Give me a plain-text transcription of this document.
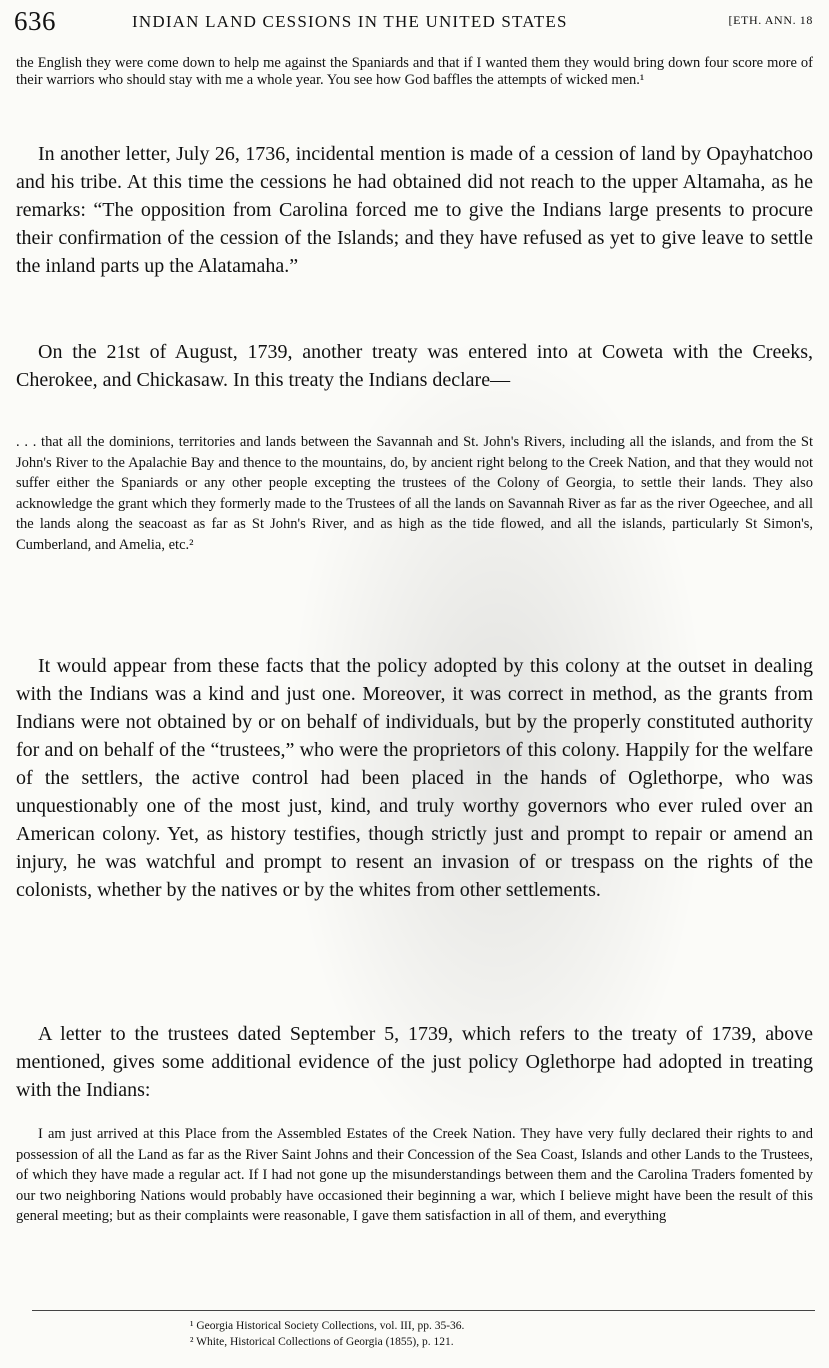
636	INDIAN LAND CESSIONS IN THE UNITED STATES	[ETH. ANN. 18
the English they were come down to help me against the Spaniards and that if I wanted them they would bring down four score more of their warriors who should stay with me a whole year. You see how God baffles the attempts of wicked men.¹
In another letter, July 26, 1736, incidental mention is made of a cession of land by Opayhatchoo and his tribe. At this time the cessions he had obtained did not reach to the upper Altamaha, as he remarks: “The opposition from Carolina forced me to give the Indians large presents to procure their confirmation of the cession of the Islands; and they have refused as yet to give leave to settle the inland parts up the Alatamaha.”
On the 21st of August, 1739, another treaty was entered into at Coweta with the Creeks, Cherokee, and Chickasaw. In this treaty the Indians declare—
. . . that all the dominions, territories and lands between the Savannah and St. John's Rivers, including all the islands, and from the St John's River to the Apalachie Bay and thence to the mountains, do, by ancient right belong to the Creek Nation, and that they would not suffer either the Spaniards or any other people excepting the trustees of the Colony of Georgia, to settle their lands. They also acknowledge the grant which they formerly made to the Trustees of all the lands on Savannah River as far as the river Ogeechee, and all the lands along the seacoast as far as St John's River, and as high as the tide flowed, and all the islands, particularly St Simon's, Cumberland, and Amelia, etc.²
It would appear from these facts that the policy adopted by this colony at the outset in dealing with the Indians was a kind and just one. Moreover, it was correct in method, as the grants from Indians were not obtained by or on behalf of individuals, but by the properly constituted authority for and on behalf of the “trustees,” who were the proprietors of this colony. Happily for the welfare of the settlers, the active control had been placed in the hands of Oglethorpe, who was unquestionably one of the most just, kind, and truly worthy governors who ever ruled over an American colony. Yet, as history testifies, though strictly just and prompt to repair or amend an injury, he was watchful and prompt to resent an invasion of or trespass on the rights of the colonists, whether by the natives or by the whites from other settlements.
A letter to the trustees dated September 5, 1739, which refers to the treaty of 1739, above mentioned, gives some additional evidence of the just policy Oglethorpe had adopted in treating with the Indians:
I am just arrived at this Place from the Assembled Estates of the Creek Nation. They have very fully declared their rights to and possession of all the Land as far as the River Saint Johns and their Concession of the Sea Coast, Islands and other Lands to the Trustees, of which they have made a regular act. If I had not gone up the misunderstandings between them and the Carolina Traders fomented by our two neighboring Nations would probably have occasioned their beginning a war, which I believe might have been the result of this general meeting; but as their complaints were reasonable, I gave them satisfaction in all of them, and everything
¹ Georgia Historical Society Collections, vol. III, pp. 35-36.
² White, Historical Collections of Georgia (1855), p. 121.
